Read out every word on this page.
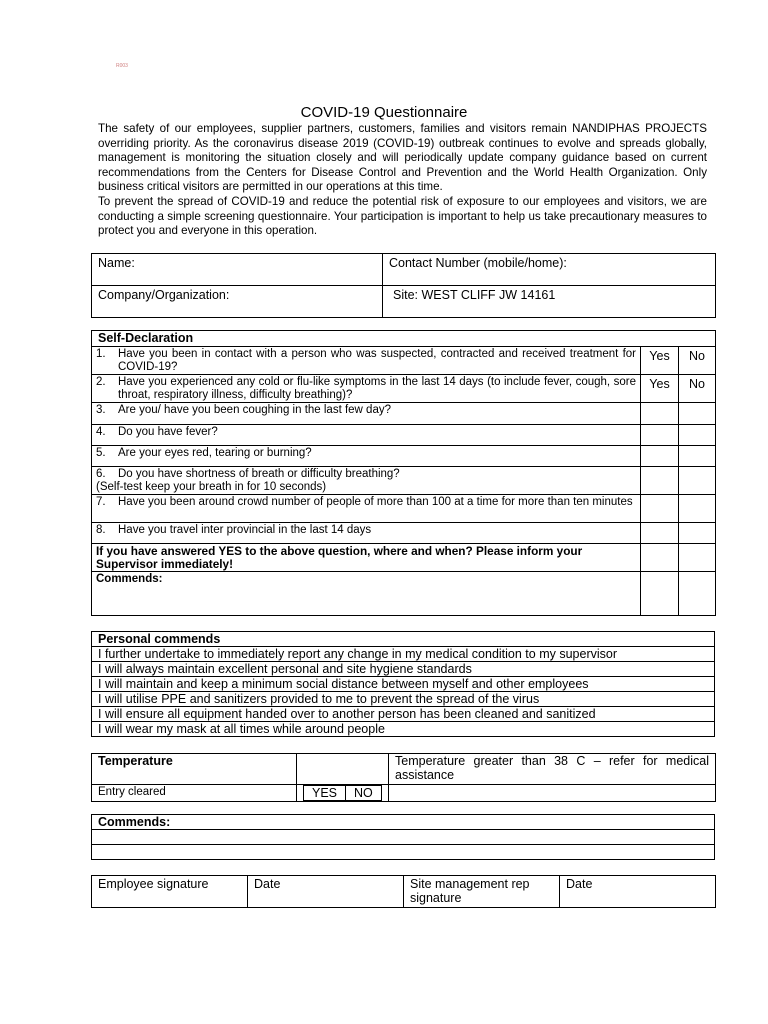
R003
COVID-19 Questionnaire

The safety of our employees, supplier partners, customers, families and visitors remain NANDIPHAS PROJECTS overriding priority. As the coronavirus disease 2019 (COVID-19) outbreak continues to evolve and spreads globally, management is monitoring the situation closely and will periodically update company guidance based on current recommendations from the Centers for Disease Control and Prevention and the World Health Organization. Only business critical visitors are permitted in our operations at this time.

To prevent the spread of COVID-19 and reduce the potential risk of exposure to our employees and visitors, we are conducting a simple screening questionnaire. Your participation is important to help us take precautionary measures to protect you and everyone in this operation.

Name:	Contact Number (mobile/home):
Company/Organization:	Site: WEST CLIFF JW 14161
Self-Declaration		

1. Have you been in contact with a person who was suspected, contracted and received treatment for COVID-19?	Yes	No

2. Have you experienced any cold or flu-like symptoms in the last 14 days (to include fever, cough, sore throat, respiratory illness, difficulty breathing)?	Yes	No

3. Are you/ have you been coughing in the last few day?		

4. Do you have fever?		

5. Are your eyes red, tearing or burning?		

6. Do you have shortness of breath or difficulty breathing?
(Self-test keep your breath in for 10 seconds)		

7. Have you been around crowd number of people of more than 100 at a time for more than ten minutes		

8. Have you travel inter provincial in the last 14 days		

If you have answered YES to the above question, where and when? Please inform your Supervisor immediately!		
Commends:		
Personal commends
I further undertake to immediately report any change in my medical condition to my supervisor
I will always maintain excellent personal and site hygiene standards
I will maintain and keep a minimum social distance between myself and other employees
I will utilise PPE and sanitizers provided to me to prevent the spread of the virus
I will ensure all equipment handed over to another person has been cleaned and sanitized
I will wear my mask at all times while around people
Temperature		Temperature greater than 38 C – refer for medical assistance
Entry cleared	YES NO	

Commends:

Employee signature	Date	Site management rep signature	Date
